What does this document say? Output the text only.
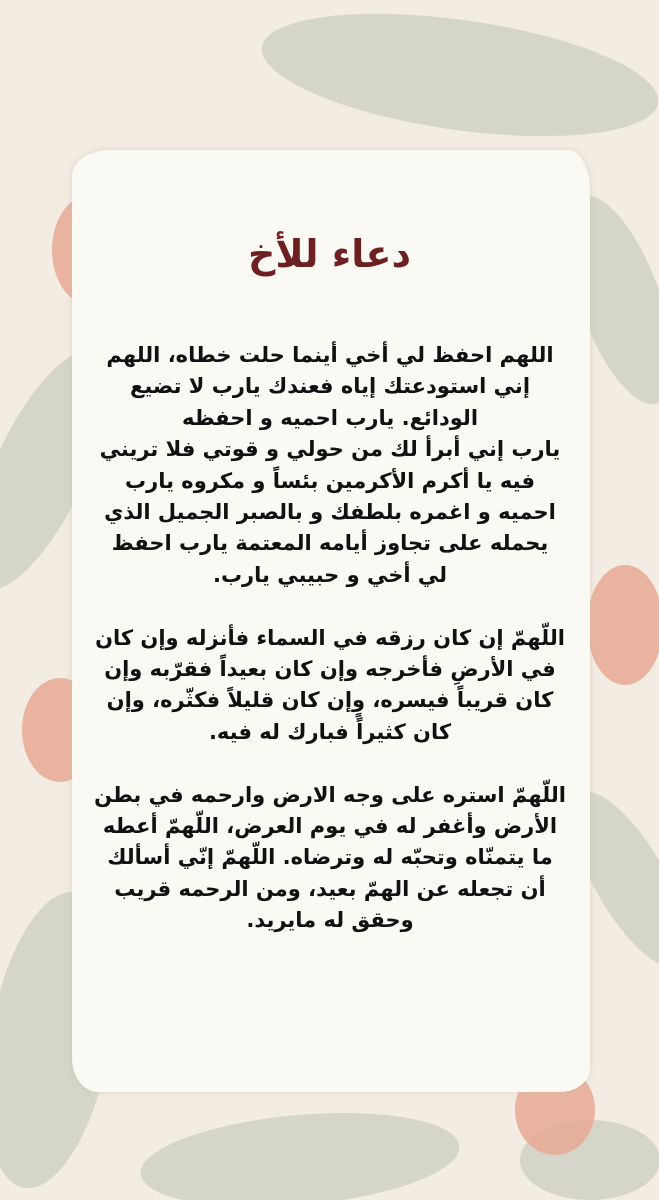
دعاء للأخ
اللهم احفظ لي أخي أينما حلت خطاه، اللهم
إني استودعتك إياه فعندك يارب لا تضيع
الودائع. يارب احميه و احفظه
يارب إني أبرأ لك من حولي و قوتي فلا تريني
فيه يا أكرم الأكرمين بئساً و مكروه يارب
احميه و اغمره بلطفك و بالصبر الجميل الذي
يحمله على تجاوز أيامه المعتمة يارب احفظ
لي أخي و حبيبي يارب.
اللّهمّ إن كان رزقه في السماء فأنزله وإن كان
في الأرضِ فأخرجه وإن كان بعيداً فقرّبه وإن
كان قريباً فيسره، وٍإن كان قليلاً فكثّره، وإن
كان كثيراً فبارك له فيه.
اللّهمّ استره على وجه الارض وارحمه في بطن
الأرض وأغفر له في يوم العرض، اللّهمّ أعطه
ما يتمنّاه وتحبّه له وترضاه. اللّهمّ إنّي أسألك
أن تجعله عن الهمّ بعيد، ومن الرحمه قريب
وحقق له مايريد.
